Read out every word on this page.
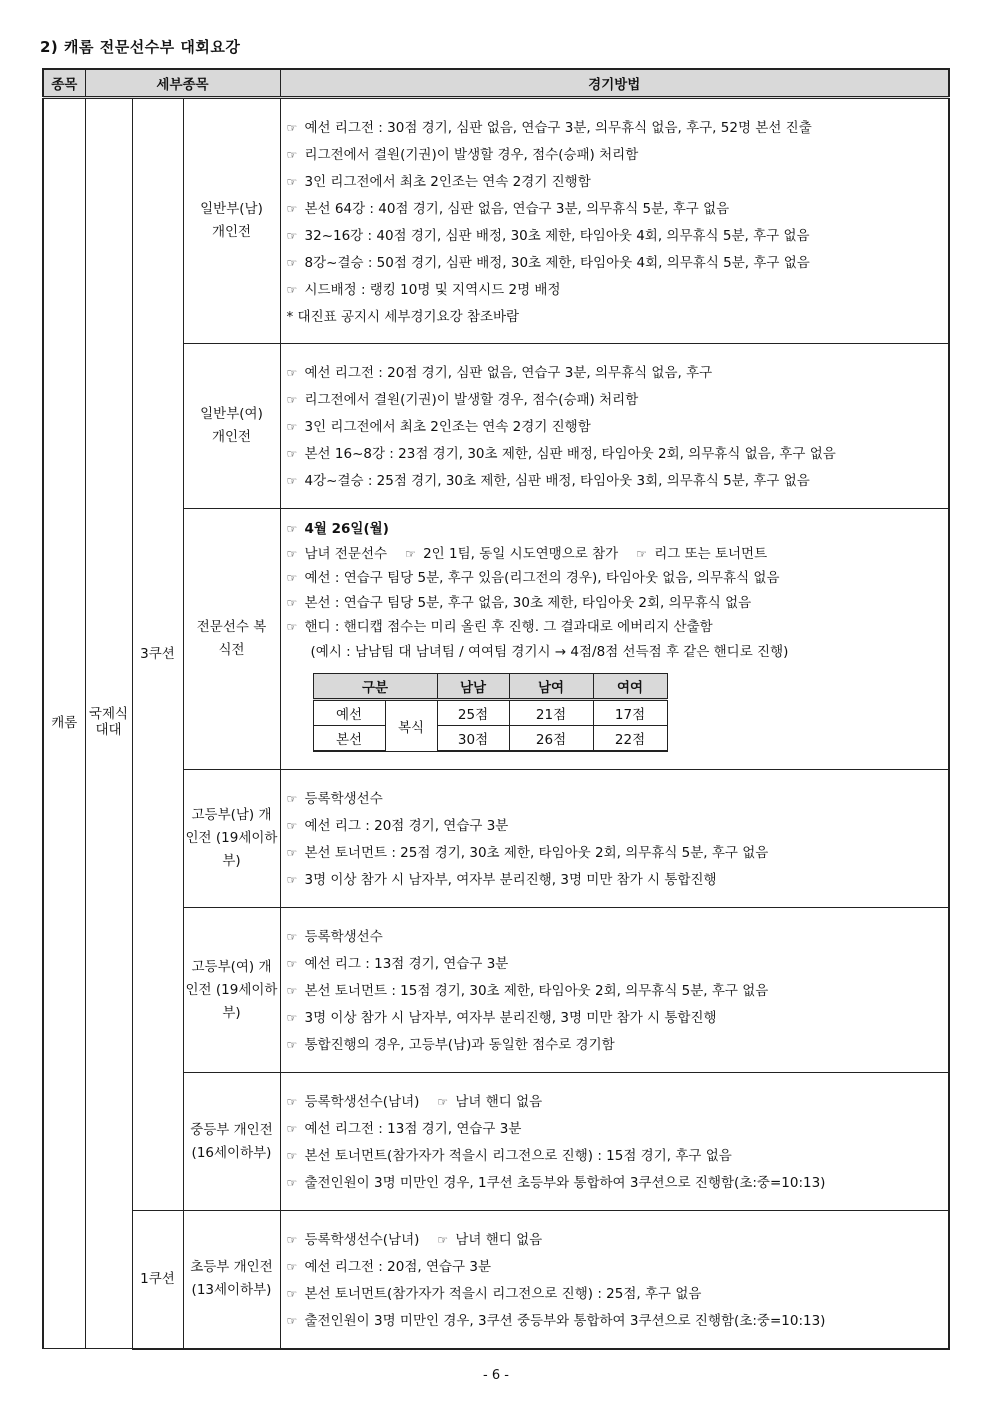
2) 캐롬 전문선수부 대회요강
종목	세부종목	경기방법
캐롬	국제식 대대	3쿠션	일반부(남) 개인전	
☞ 예선 리그전 : 30점 경기, 심판 없음, 연습구 3분, 의무휴식 없음, 후구, 52명 본선 진출
☞ 리그전에서 결원(기권)이 발생할 경우, 점수(승패) 처리함
☞ 3인 리그전에서 최초 2인조는 연속 2경기 진행함
☞ 본선 64강 : 40점 경기, 심판 없음, 연습구 3분, 의무휴식 5분, 후구 없음
☞ 32~16강 : 40점 경기, 심판 배정, 30초 제한, 타임아웃 4회, 의무휴식 5분, 후구 없음
☞ 8강~결승 : 50점 경기, 심판 배정, 30초 제한, 타임아웃 4회, 의무휴식 5분, 후구 없음
☞ 시드배정 : 랭킹 10명 및 지역시드 2명 배정
* 대진표 공지시 세부경기요강 참조바람

일반부(여) 개인전	
☞ 예선 리그전 : 20점 경기, 심판 없음, 연습구 3분, 의무휴식 없음, 후구
☞ 리그전에서 결원(기권)이 발생할 경우, 점수(승패) 처리함
☞ 3인 리그전에서 최초 2인조는 연속 2경기 진행함
☞ 본선 16~8강 : 23점 경기, 30초 제한, 심판 배정, 타임아웃 2회, 의무휴식 없음, 후구 없음
☞ 4강~결승 : 25점 경기, 30초 제한, 심판 배정, 타임아웃 3회, 의무휴식 5분, 후구 없음

전문선수 복식전	
☞ 4월 26일(월)
☞ 남녀 전문선수 ☞ 2인 1팀, 동일 시도연맹으로 참가 ☞ 리그 또는 토너먼트
☞ 예선 : 연습구 팀당 5분, 후구 있음(리그전의 경우), 타임아웃 없음, 의무휴식 없음
☞ 본선 : 연습구 팀당 5분, 후구 없음, 30초 제한, 타임아웃 2회, 의무휴식 없음
☞ 핸디 : 핸디캡 점수는 미리 올린 후 진행. 그 결과대로 에버리지 산출함
(예시 : 남남팀 대 남녀팀 / 여여팀 경기시 → 4점/8점 선득점 후 같은 핸디로 진행)
구분	남남	남여	여여
예선	복식	25점	21점	17점
본선	30점	26점	22점

고등부(남) 개인전 (19세이하부)	
☞ 등록학생선수
☞ 예선 리그 : 20점 경기, 연습구 3분
☞ 본선 토너먼트 : 25점 경기, 30초 제한, 타임아웃 2회, 의무휴식 5분, 후구 없음
☞ 3명 이상 참가 시 남자부, 여자부 분리진행, 3명 미만 참가 시 통합진행

고등부(여) 개인전 (19세이하부)	
☞ 등록학생선수
☞ 예선 리그 : 13점 경기, 연습구 3분
☞ 본선 토너먼트 : 15점 경기, 30초 제한, 타임아웃 2회, 의무휴식 5분, 후구 없음
☞ 3명 이상 참가 시 남자부, 여자부 분리진행, 3명 미만 참가 시 통합진행
☞ 통합진행의 경우, 고등부(남)과 동일한 점수로 경기함

중등부 개인전 (16세이하부)	
☞ 등록학생선수(남녀) ☞ 남녀 핸디 없음
☞ 예선 리그전 : 13점 경기, 연습구 3분
☞ 본선 토너먼트(참가자가 적을시 리그전으로 진행) : 15점 경기, 후구 없음
☞ 출전인원이 3명 미만인 경우, 1쿠션 초등부와 통합하여 3쿠션으로 진행함(초:중=10:13)

1쿠션	초등부 개인전 (13세이하부)	
☞ 등록학생선수(남녀) ☞ 남녀 핸디 없음
☞ 예선 리그전 : 20점, 연습구 3분
☞ 본선 토너먼트(참가자가 적을시 리그전으로 진행) : 25점, 후구 없음
☞ 출전인원이 3명 미만인 경우, 3쿠션 중등부와 통합하여 3쿠션으로 진행함(초:중=10:13)
- 6 -
